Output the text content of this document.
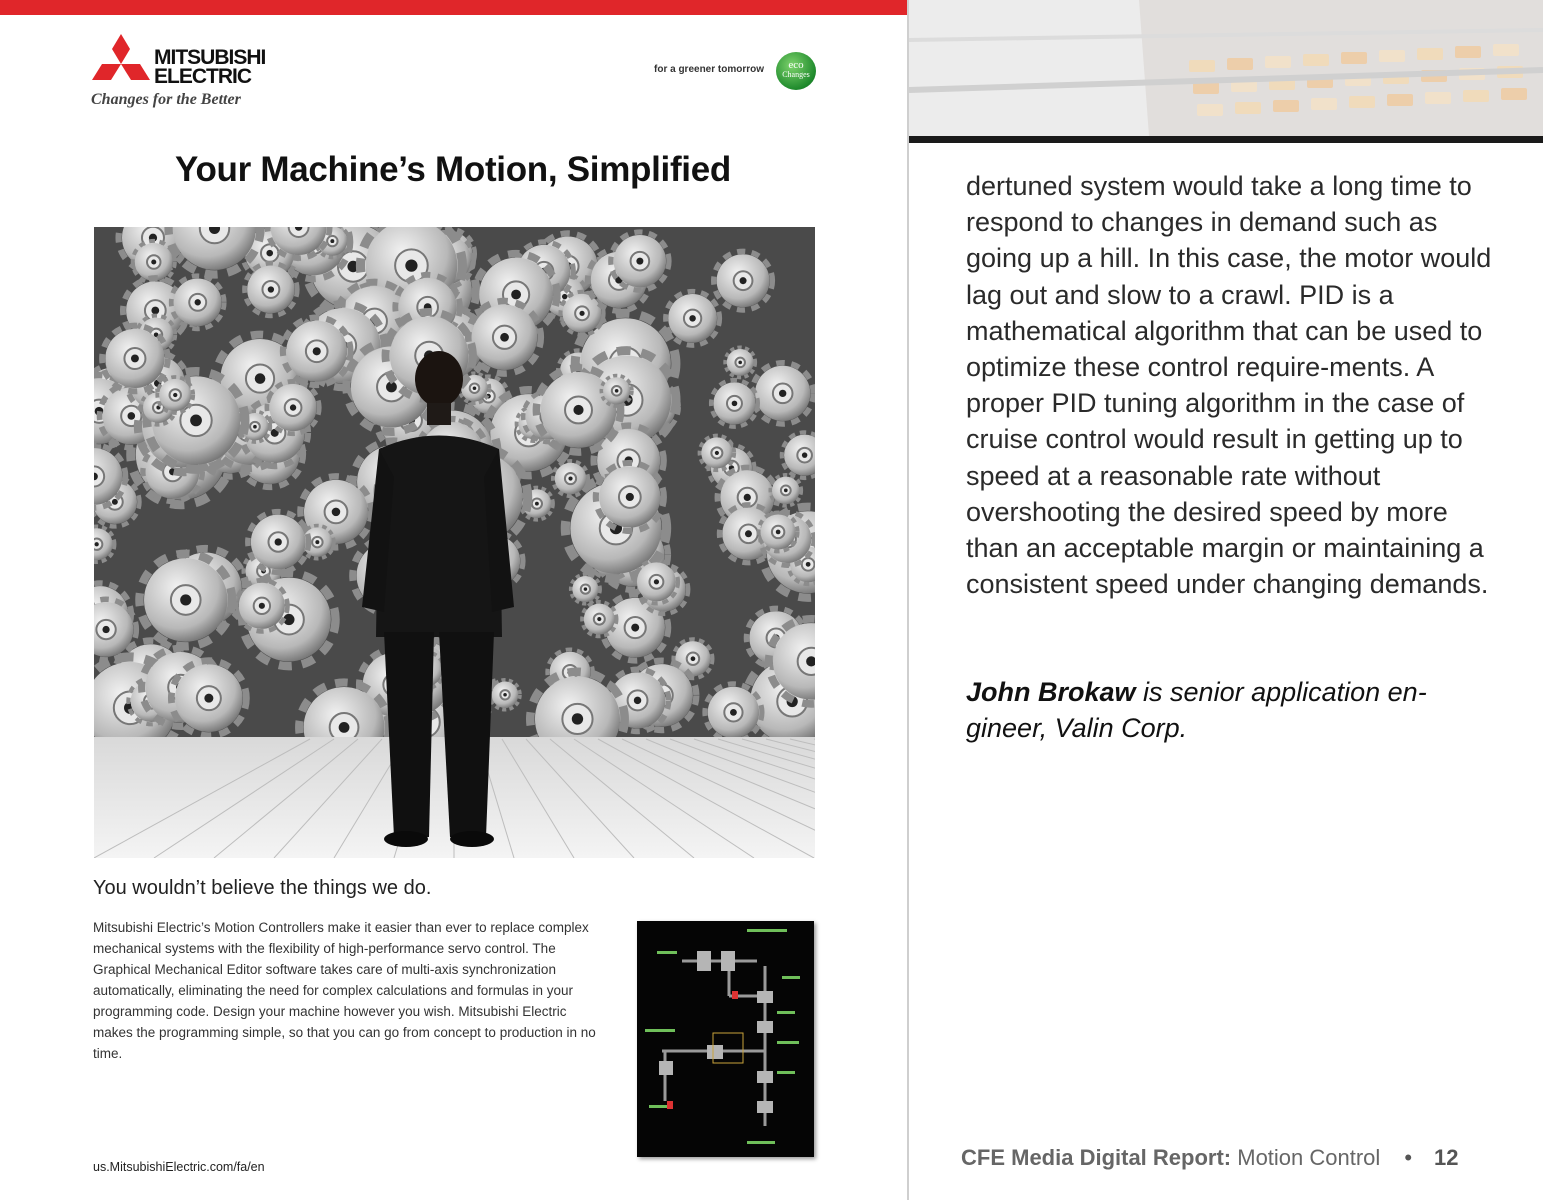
MITSUBISHI
ELECTRIC
Changes for the Better
for a greener tomorrow	eco
Changes
Your Machine’s Motion, Simplified
You wouldn’t believe the things we do.
Mitsubishi Electric’s Motion Controllers make it easier than ever to replace complex mechanical systems with the flexibility of high-performance servo control. The Graphical Mechanical Editor software takes care of multi-axis synchronization automatically, eliminating the need for complex calculations and formulas in your programming code. Design your machine however you wish. Mitsubishi Electric makes the programming simple, so that you can go from concept to production in no time.
us.MitsubishiElectric.com/fa/en
dertuned system would take a long time to respond to changes in demand such as going up a hill. In this case, the motor would lag out and slow to a crawl. PID is a mathematical algorithm that can be used to optimize these control require-ments. A proper PID tuning algorithm in the case of cruise control would result in getting up to speed at a reasonable rate without overshooting the desired speed by more than an acceptable margin or maintaining a consistent speed under changing demands.
John Brokaw is senior application en-gineer, Valin Corp.
CFE Media Digital Report: Motion Control • 12
